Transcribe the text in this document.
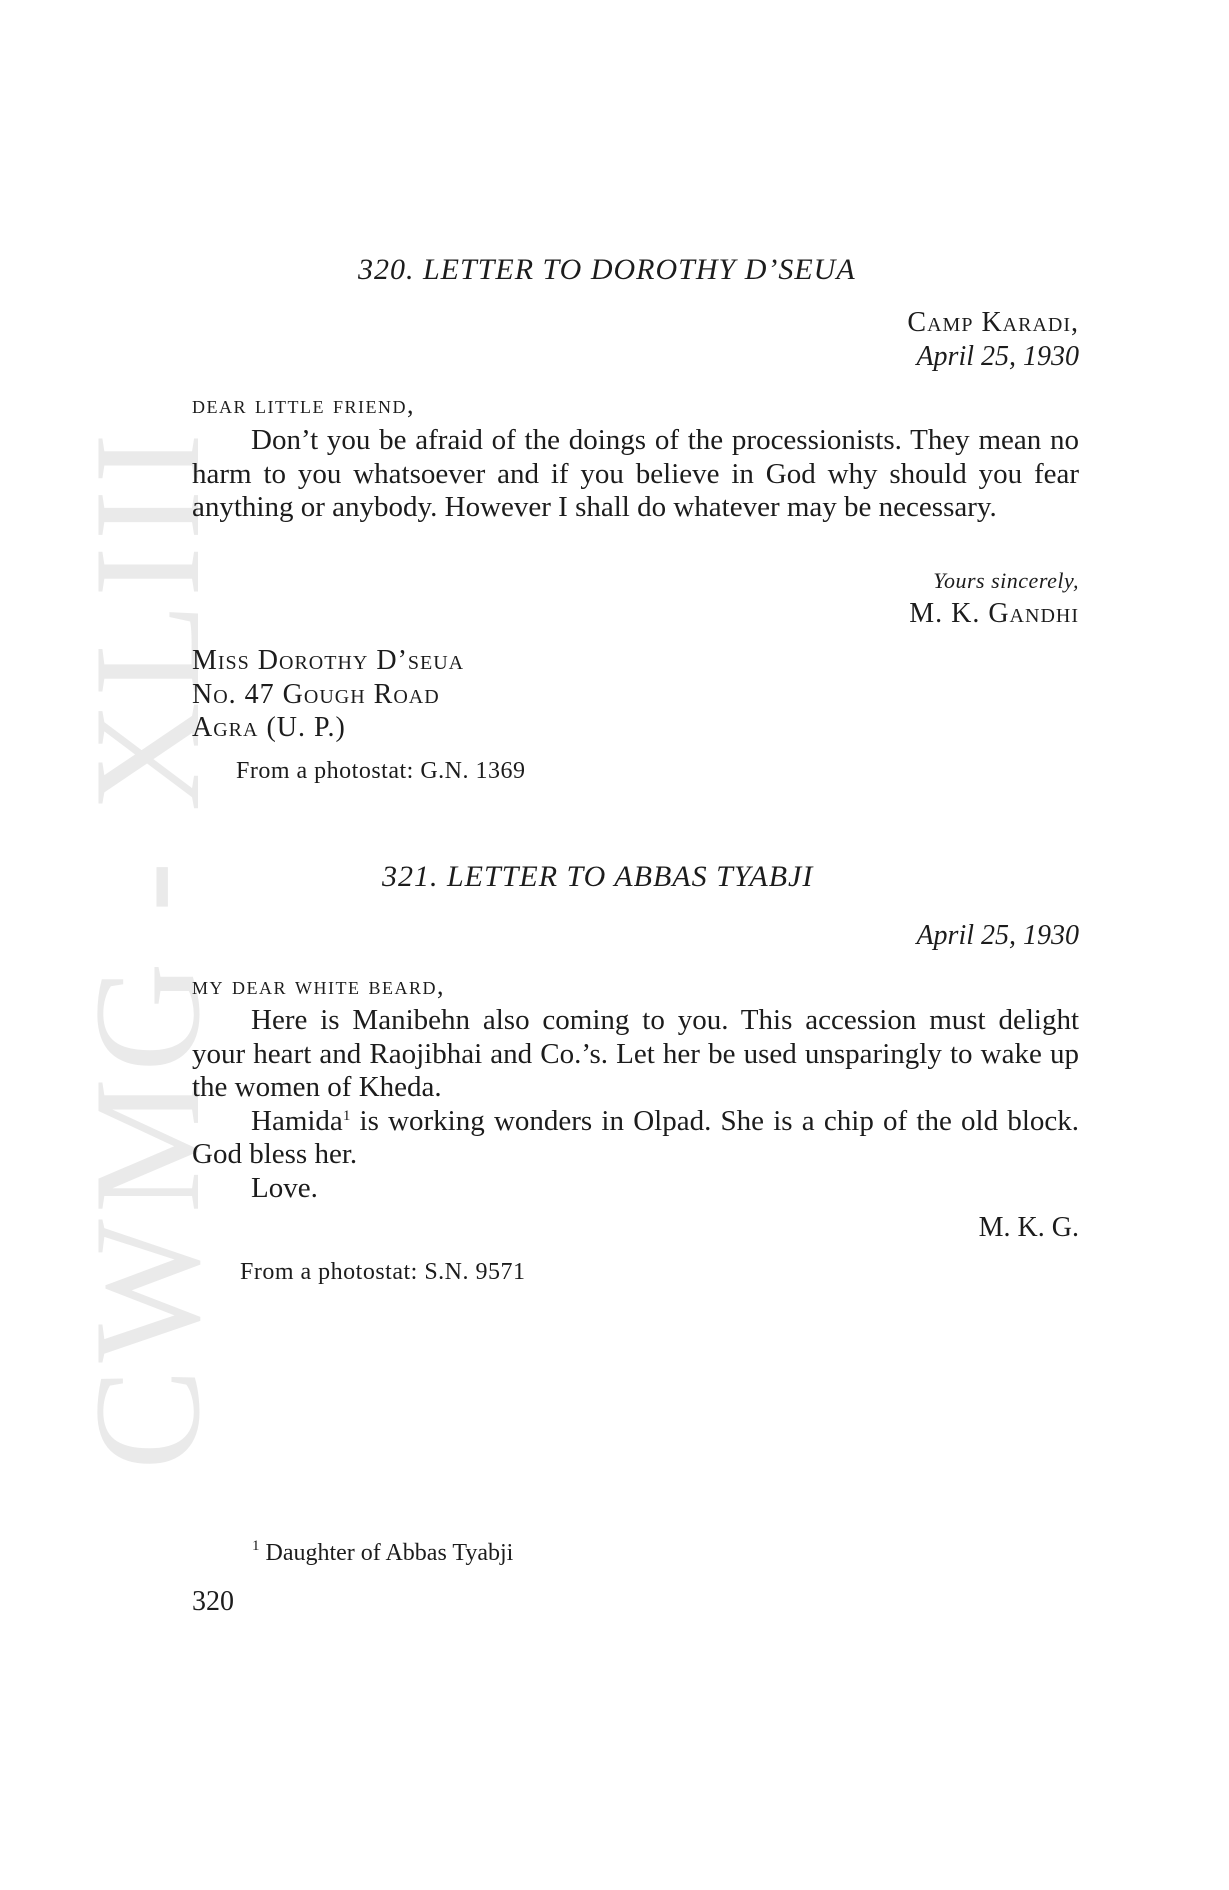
CWMG - XLIII
320. LETTER TO DOROTHY D’SEUA
Camp Karadi,
April 25, 1930
dear little friend,

Don’t you be afraid of the doings of the processionists. They mean no harm to you whatsoever and if you believe in God why should you fear anything or anybody. However I shall do whatever may be necessary.

Yours sincerely,
M. K. Gandhi
Miss Dorothy D’seua
No. 47 Gough Road
Agra (U. P.)
From a photostat: G.N. 1369
321. LETTER TO ABBAS TYABJI
April 25, 1930
my dear white beard,

Here is Manibehn also coming to you. This accession must delight your heart and Raojibhai and Co.’s. Let her be used unsparingly to wake up the women of Kheda.

Hamida$^1$ is working wonders in Olpad. She is a chip of the old block. God bless her.

Love.

M. K. G.
From a photostat: S.N. 9571
$^1$ Daughter of Abbas Tyabji
320
